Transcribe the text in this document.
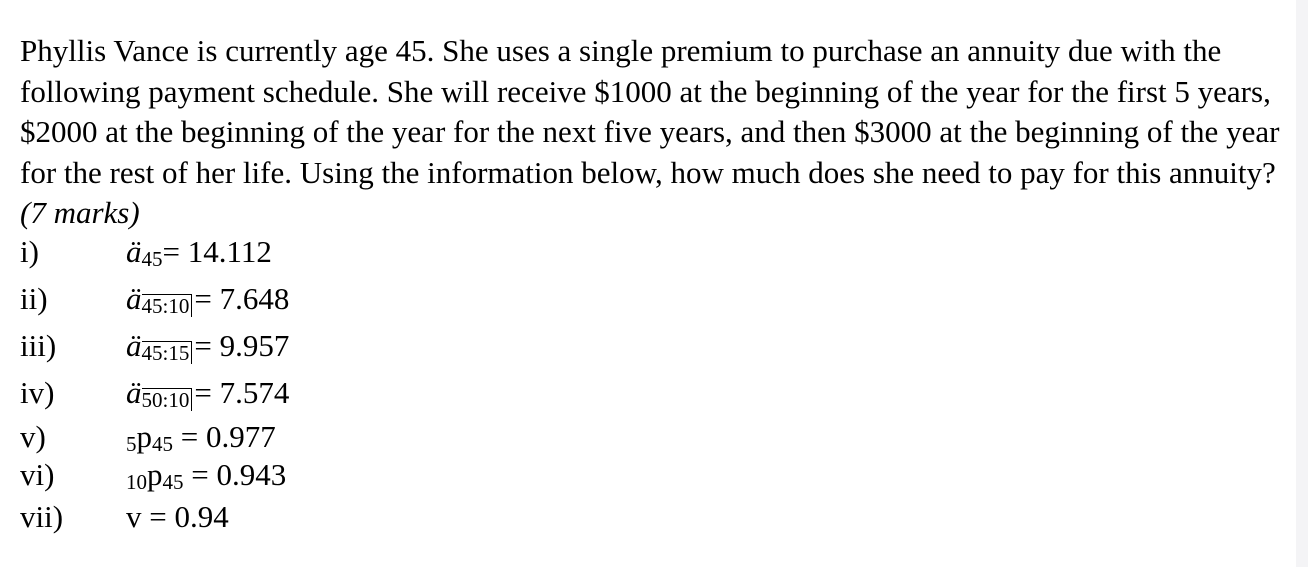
Phyllis Vance is currently age 45. She uses a single premium to purchase an annuity due with the following payment schedule. She will receive $1000 at the beginning of the year for the first 5 years, $2000 at the beginning of the year for the next five years, and then $3000 at the beginning of the year for the rest of her life. Using the information below, how much does she need to pay for this annuity? (7 marks)

i)	ä45= 14.112
ii)	ä45:10 = 7.648
iii)	ä45:15 = 9.957
iv)	ä50:10 = 7.574
v)	5p45 = 0.977
vi)	10p45 = 0.943
vii)	v = 0.94
